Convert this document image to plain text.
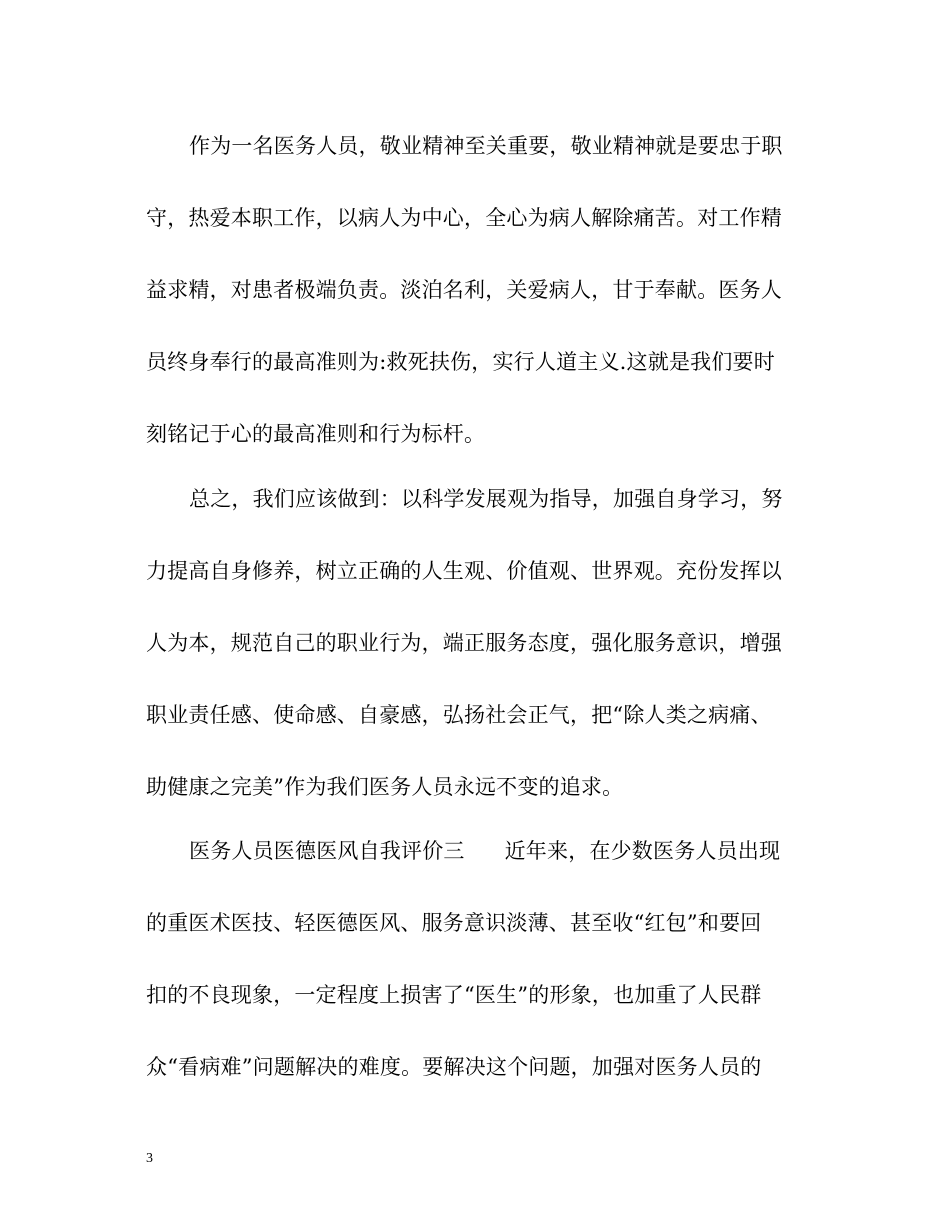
作为一名医务人员，敬业精神至关重要，敬业精神就是要忠于职
守，热爱本职工作，以病人为中心，全心为病人解除痛苦。对工作精
益求精，对患者极端负责。淡泊名利，关爱病人，甘于奉献。医务人
员终身奉行的最高准则为:救死扶伤，实行人道主义.这就是我们要时
刻铭记于心的最高准则和行为标杆。
总之，我们应该做到：以科学发展观为指导，加强自身学习，努
力提高自身修养，树立正确的人生观、价值观、世界观。充份发挥以
人为本，规范自己的职业行为，端正服务态度，强化服务意识，增强
职业责任感、使命感、自豪感，弘扬社会正气，把“除人类之病痛、
助健康之完美”作为我们医务人员永远不变的追求。
医务人员医德医风自我评价三 近年来，在少数医务人员出现
的重医术医技、轻医德医风、服务意识淡薄、甚至收“红包”和要回
扣的不良现象，一定程度上损害了“医生”的形象，也加重了人民群
众“看病难”问题解决的难度。要解决这个问题，加强对医务人员的
3
